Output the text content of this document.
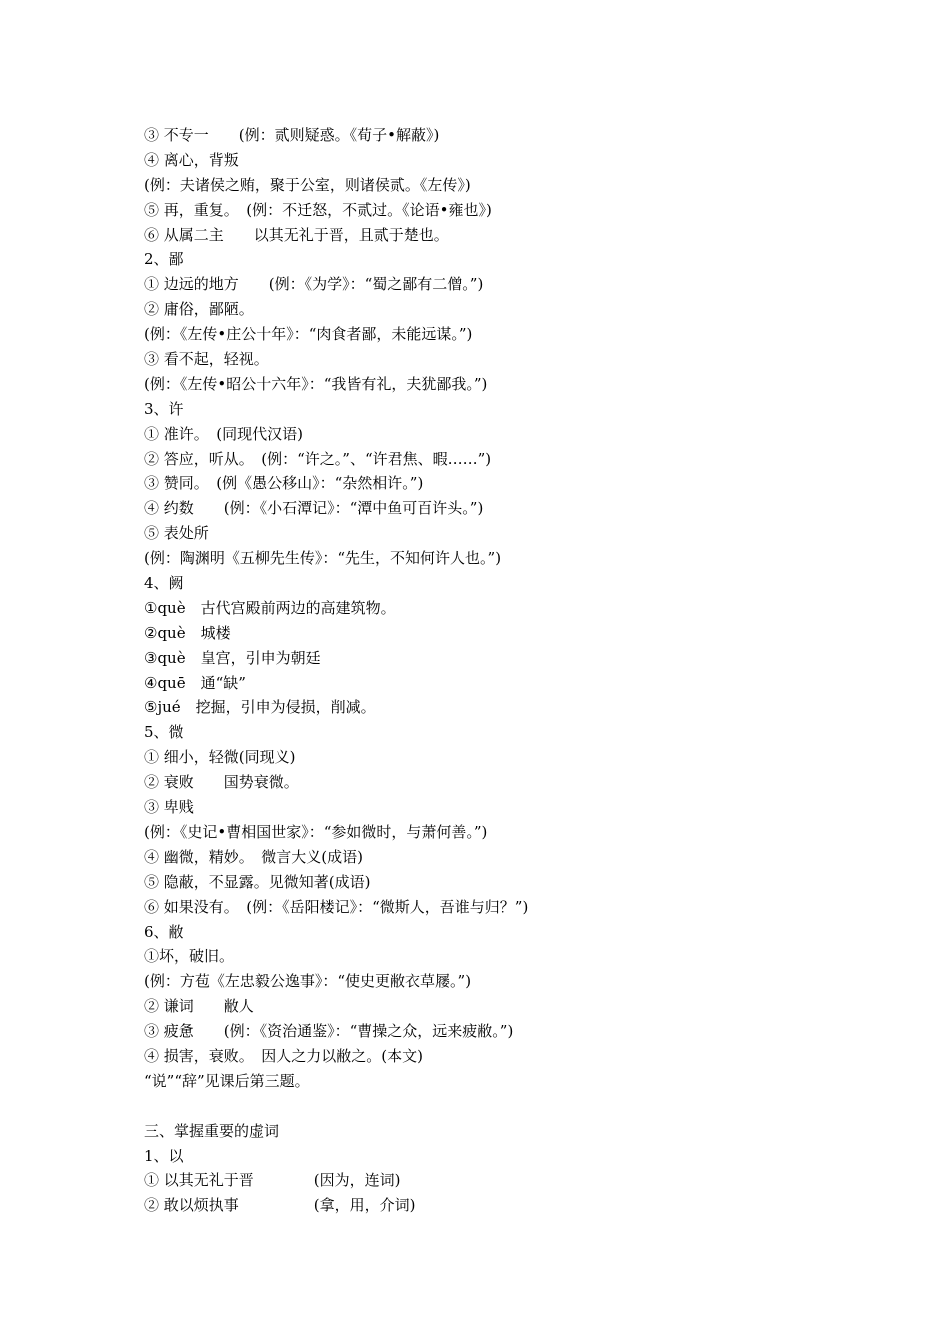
③ 不专一　　(例：贰则疑惑。《荀子•解蔽》)
④ 离心，背叛
(例：夫诸侯之贿，聚于公室，则诸侯贰。《左传》)
⑤ 再，重复。　(例：不迁怒，不贰过。《论语•雍也》)
⑥ 从属二主　　以其无礼于晋，且贰于楚也。
2、鄙
① 边远的地方　　(例：《为学》：“蜀之鄙有二僧。”)
② 庸俗，鄙陋。
(例：《左传•庄公十年》：“肉食者鄙，未能远谋。”)
③ 看不起，轻视。
(例：《左传•昭公十六年》：“我皆有礼，夫犹鄙我。”)
3、许
① 准许。　(同现代汉语)
② 答应，听从。　(例：“许之。”、“许君焦、暇……”)
③ 赞同。　(例《愚公移山》：“杂然相许。”)
④ 约数　　(例：《小石潭记》：“潭中鱼可百许头。”)
⑤ 表处所
(例：陶渊明《五柳先生传》：“先生，不知何许人也。”)
4、阙
①què　古代宫殿前两边的高建筑物。
②què　城楼
③què　皇宫，引申为朝廷
④quē　通“缺”
⑤jué　挖掘，引申为侵损，削减。
5、微
① 细小，轻微(同现义)
② 衰败　　国势衰微。
③ 卑贱
(例：《史记•曹相国世家》：“参如微时，与萧何善。”)
④ 幽微，精妙。　微言大义(成语)
⑤ 隐蔽，不显露。见微知著(成语)
⑥ 如果没有。　(例：《岳阳楼记》：“微斯人，吾谁与归？”)
6、敝
①坏，破旧。
(例：方苞《左忠毅公逸事》：“使史更敝衣草屦。”)
② 谦词　　敝人
③ 疲惫　　(例：《资治通鉴》：“曹操之众，远来疲敝。”)
④ 损害，衰败。　因人之力以敝之。(本文)
“说”“辞”见课后第三题。
三、掌握重要的虚词
1、以
① 以其无礼于晋　　　　(因为，连词)
② 敢以烦执事　　　　　(拿，用，介词)
